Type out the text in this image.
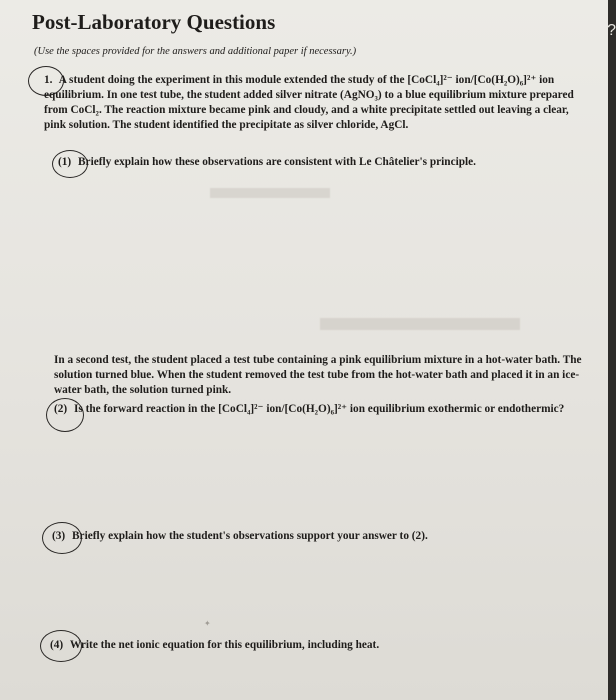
Post-Laboratory Questions
(Use the spaces provided for the answers and additional paper if necessary.)
1. A student doing the experiment in this module extended the study of the [CoCl₄]²⁻ ion/[Co(H₂O)₆]²⁺ ion equilibrium. In one test tube, the student added silver nitrate (AgNO₃) to a blue equilibrium mixture prepared from CoCl₂. The reaction mixture became pink and cloudy, and a white precipitate settled out leaving a clear, pink solution. The student identified the precipitate as silver chloride, AgCl.
(1) Briefly explain how these observations are consistent with Le Châtelier's principle.
In a second test, the student placed a test tube containing a pink equilibrium mixture in a hot-water bath. The solution turned blue. When the student removed the test tube from the hot-water bath and placed it in an ice-water bath, the solution turned pink.
(2) Is the forward reaction in the [CoCl₄]²⁻ ion/[Co(H₂O)₆]²⁺ ion equilibrium exothermic or endothermic?
(3) Briefly explain how the student's observations support your answer to (2).
✦
(4) Write the net ionic equation for this equilibrium, including heat.
?
